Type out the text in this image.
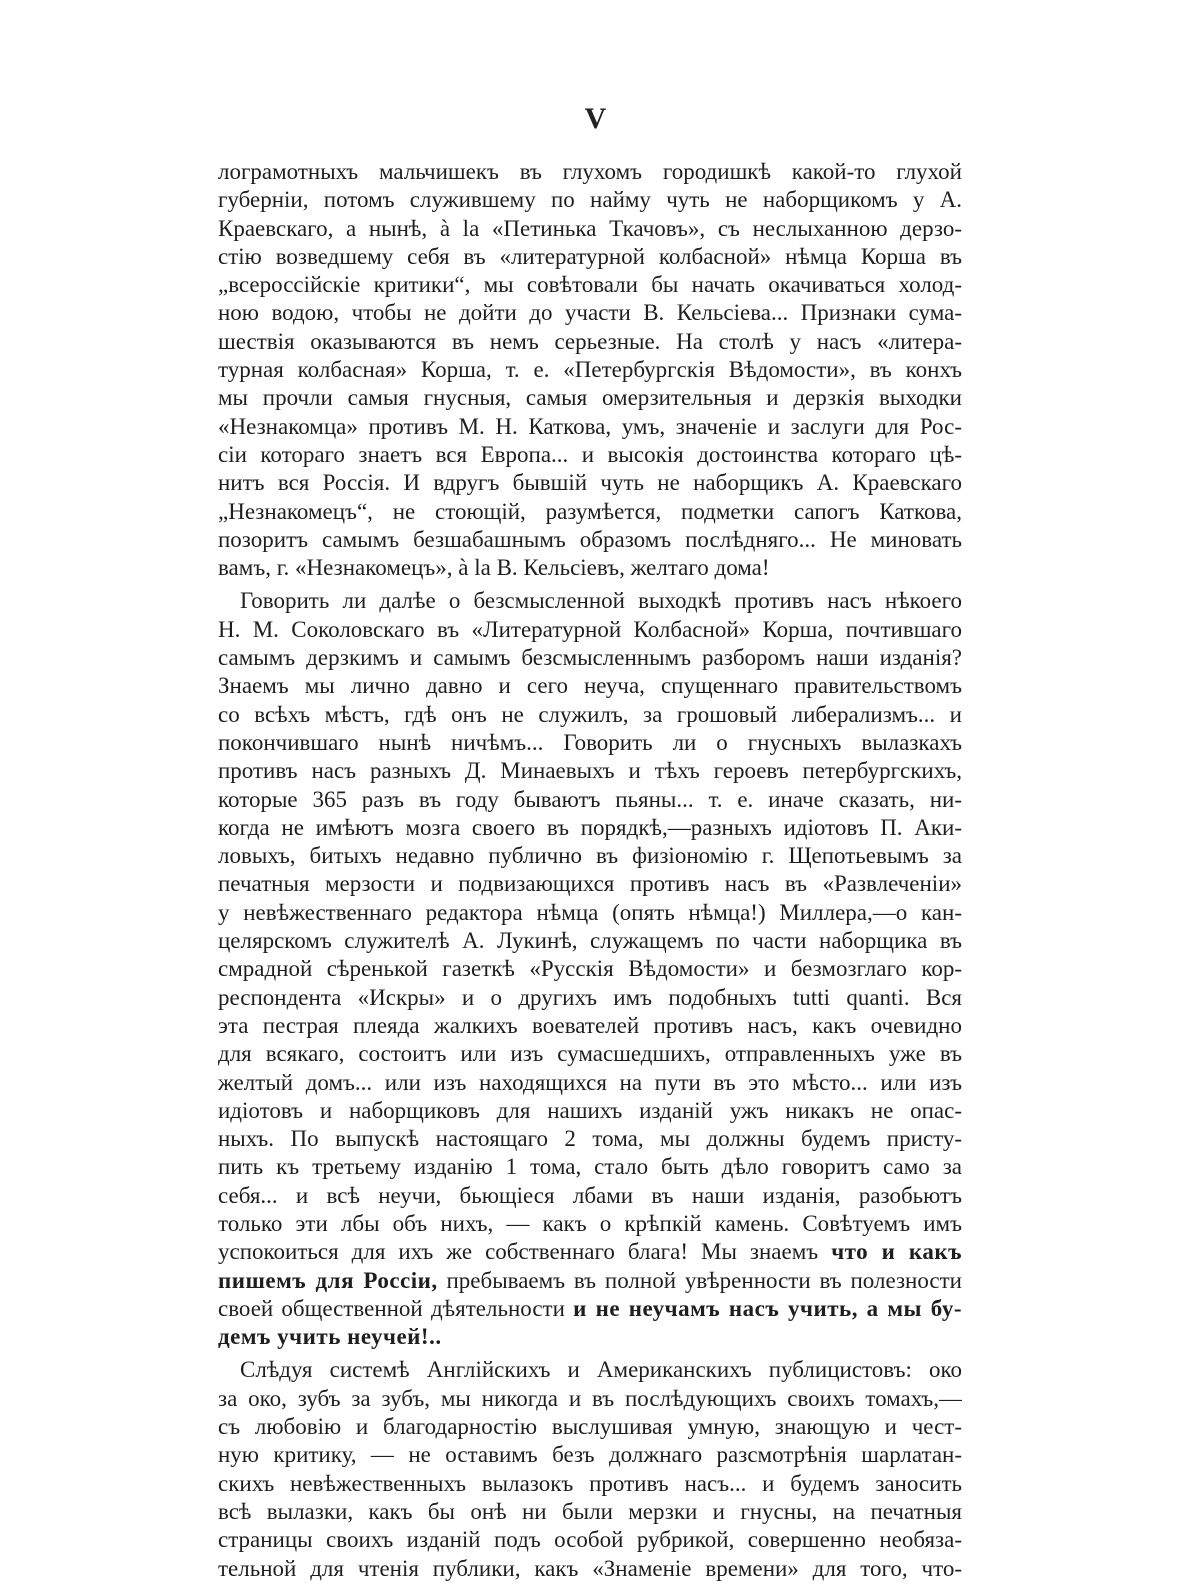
V
лограмотныхъ мальчишекъ въ глухомъ городишкѣ какой-то глухой
губерніи, потомъ служившему по найму чуть не наборщикомъ у А.
Краевскаго, а нынѣ, à la «Петинька Ткачовъ», съ неслыханною дерзо-
стію возведшему себя въ «литературной колбасной» нѣмца Корша въ
„всероссійскіе критики“, мы совѣтовали бы начать окачиваться холод-
ною водою, чтобы не дойти до участи В. Кельсіева... Признаки сума-
шествія оказываются въ немъ серьезные. На столѣ у насъ «литера-
турная колбасная» Корша, т. е. «Петербургскія Вѣдомости», въ конхъ
мы прочли самыя гнусныя, самыя омерзительныя и дерзкія выходки
«Незнакомца» противъ М. Н. Каткова, умъ, значеніе и заслуги для Рос-
сіи котораго знаетъ вся Европа... и высокія достоинства котораго цѣ-
нитъ вся Россія. И вдругъ бывшій чуть не наборщикъ А. Краевскаго
„Незнакомецъ“, не стоющій, разумѣется, подметки сапогъ Каткова,
позоритъ самымъ безшабашнымъ образомъ послѣдняго... Не миновать
вамъ, г. «Незнакомецъ», à la В. Кельсіевъ, желтаго дома!
Говорить ли далѣе о безсмысленной выходкѣ противъ насъ нѣкоего
Н. М. Соколовскаго въ «Литературной Колбасной» Корша, почтившаго
самымъ дерзкимъ и самымъ безсмысленнымъ разборомъ наши изданія?
Знаемъ мы лично давно и сего неуча, спущеннаго правительствомъ
со всѣхъ мѣстъ, гдѣ онъ не служилъ, за грошовый либерализмъ... и
покончившаго нынѣ ничѣмъ... Говорить ли о гнусныхъ вылазкахъ
противъ насъ разныхъ Д. Минаевыхъ и тѣхъ героевъ петербургскихъ,
которые 365 разъ въ году бываютъ пьяны... т. е. иначе сказать, ни-
когда не имѣютъ мозга своего въ порядкѣ,—разныхъ идіотовъ П. Аки-
ловыхъ, битыхъ недавно публично въ физіономію г. Щепотьевымъ за
печатныя мерзости и подвизающихся противъ насъ въ «Развлеченіи»
у невѣжественнаго редактора нѣмца (опять нѣмца!) Миллера,—о кан-
целярскомъ служителѣ А. Лукинѣ, служащемъ по части наборщика въ
смрадной сѣренькой газеткѣ «Русскія Вѣдомости» и безмозглаго кор-
респондента «Искры» и о другихъ имъ подобныхъ tutti quanti. Вся
эта пестрая плеяда жалкихъ воевателей противъ насъ, какъ очевидно
для всякаго, состоитъ или изъ сумасшедшихъ, отправленныхъ уже въ
желтый домъ... или изъ находящихся на пути въ это мѣсто... или изъ
идіотовъ и наборщиковъ для нашихъ изданій ужъ никакъ не опас-
ныхъ. По выпускѣ настоящаго 2 тома, мы должны будемъ присту-
пить къ третьему изданію 1 тома, стало быть дѣло говоритъ само за
себя... и всѣ неучи, бьющіеся лбами въ наши изданія, разобьютъ
только эти лбы объ нихъ, — какъ о крѣпкій камень. Совѣтуемъ имъ
успокоиться для ихъ же собственнаго блага! Мы знаемъ что и какъ
пишемъ для Россіи, пребываемъ въ полной увѣренности въ полезности
своей общественной дѣятельности и не неучамъ насъ учить, а мы бу-
демъ учить неучей!..
Слѣдуя системѣ Англійскихъ и Американскихъ публицистовъ: око
за око, зубъ за зубъ, мы никогда и въ послѣдующихъ своихъ томахъ,—
съ любовію и благодарностію выслушивая умную, знающую и чест-
ную критику, — не оставимъ безъ должнаго разсмотрѣнія шарлатан-
скихъ невѣжественныхъ вылазокъ противъ насъ... и будемъ заносить
всѣ вылазки, какъ бы онѣ ни были мерзки и гнусны, на печатныя
страницы своихъ изданій подъ особой рубрикой, совершенно необяза-
тельной для чтенія публики, какъ «Знаменіе времени» для того, что-
